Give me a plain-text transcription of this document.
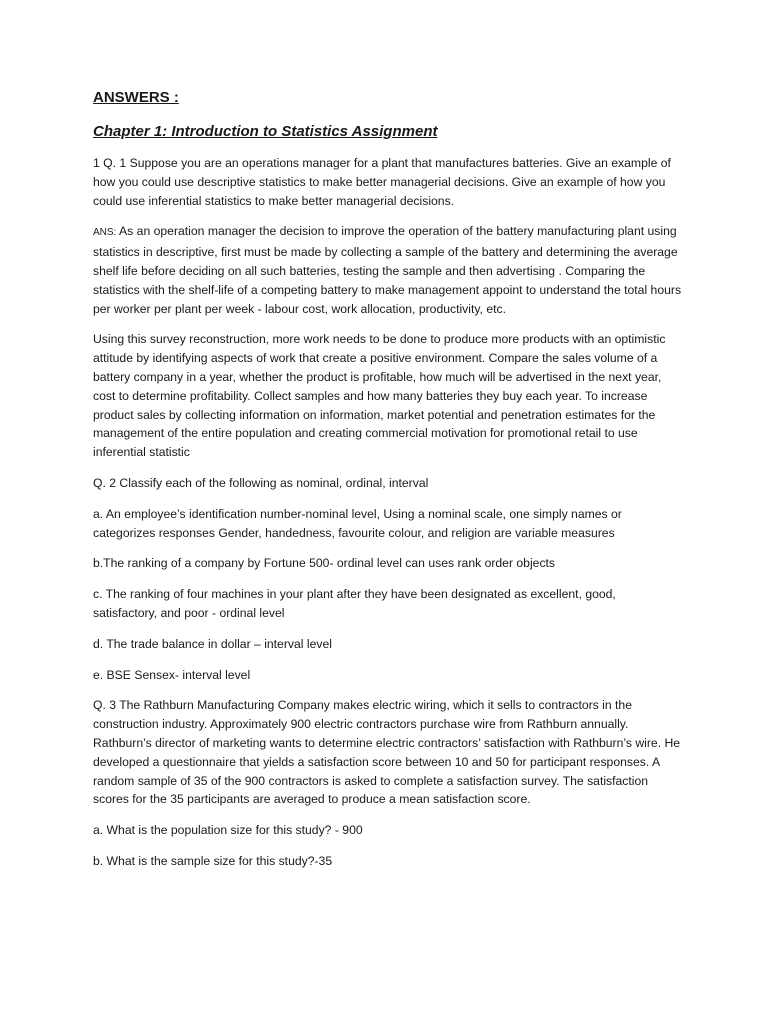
ANSWERS :
Chapter 1: Introduction to Statistics Assignment

1 Q. 1 Suppose you are an operations manager for a plant that manufactures batteries. Give an example of how you could use descriptive statistics to make better managerial decisions. Give an example of how you could use inferential statistics to make better managerial decisions.

ANS: As an operation manager the decision to improve the operation of the battery manufacturing plant using statistics in descriptive, first must be made by collecting a sample of the battery and determining the average shelf life before deciding on all such batteries, testing the sample and then advertising . Comparing the statistics with the shelf-life of a competing battery to make management appoint to understand the total hours per worker per plant per week - labour cost, work allocation, productivity, etc.

Using this survey reconstruction, more work needs to be done to produce more products with an optimistic attitude by identifying aspects of work that create a positive environment. Compare the sales volume of a battery company in a year, whether the product is profitable, how much will be advertised in the next year, cost to determine profitability. Collect samples and how many batteries they buy each year. To increase product sales by collecting information on information, market potential and penetration estimates for the management of the entire population and creating commercial motivation for promotional retail to use inferential statistic

Q. 2 Classify each of the following as nominal, ordinal, interval

a. An employee’s identification number-nominal level, Using a nominal scale, one simply names or categorizes responses Gender, handedness, favourite colour, and religion are variable measures

b.The ranking of a company by Fortune 500- ordinal level can uses rank order objects

c. The ranking of four machines in your plant after they have been designated as excellent, good, satisfactory, and poor - ordinal level

d. The trade balance in dollar – interval level

e. BSE Sensex- interval level

Q. 3 The Rathburn Manufacturing Company makes electric wiring, which it sells to contractors in the construction industry. Approximately 900 electric contractors purchase wire from Rathburn annually. Rathburn’s director of marketing wants to determine electric contractors’ satisfaction with Rathburn’s wire. He developed a questionnaire that yields a satisfaction score between 10 and 50 for participant responses. A random sample of 35 of the 900 contractors is asked to complete a satisfaction survey. The satisfaction scores for the 35 participants are averaged to produce a mean satisfaction score.

a. What is the population size for this study? - 900

b. What is the sample size for this study?-35
